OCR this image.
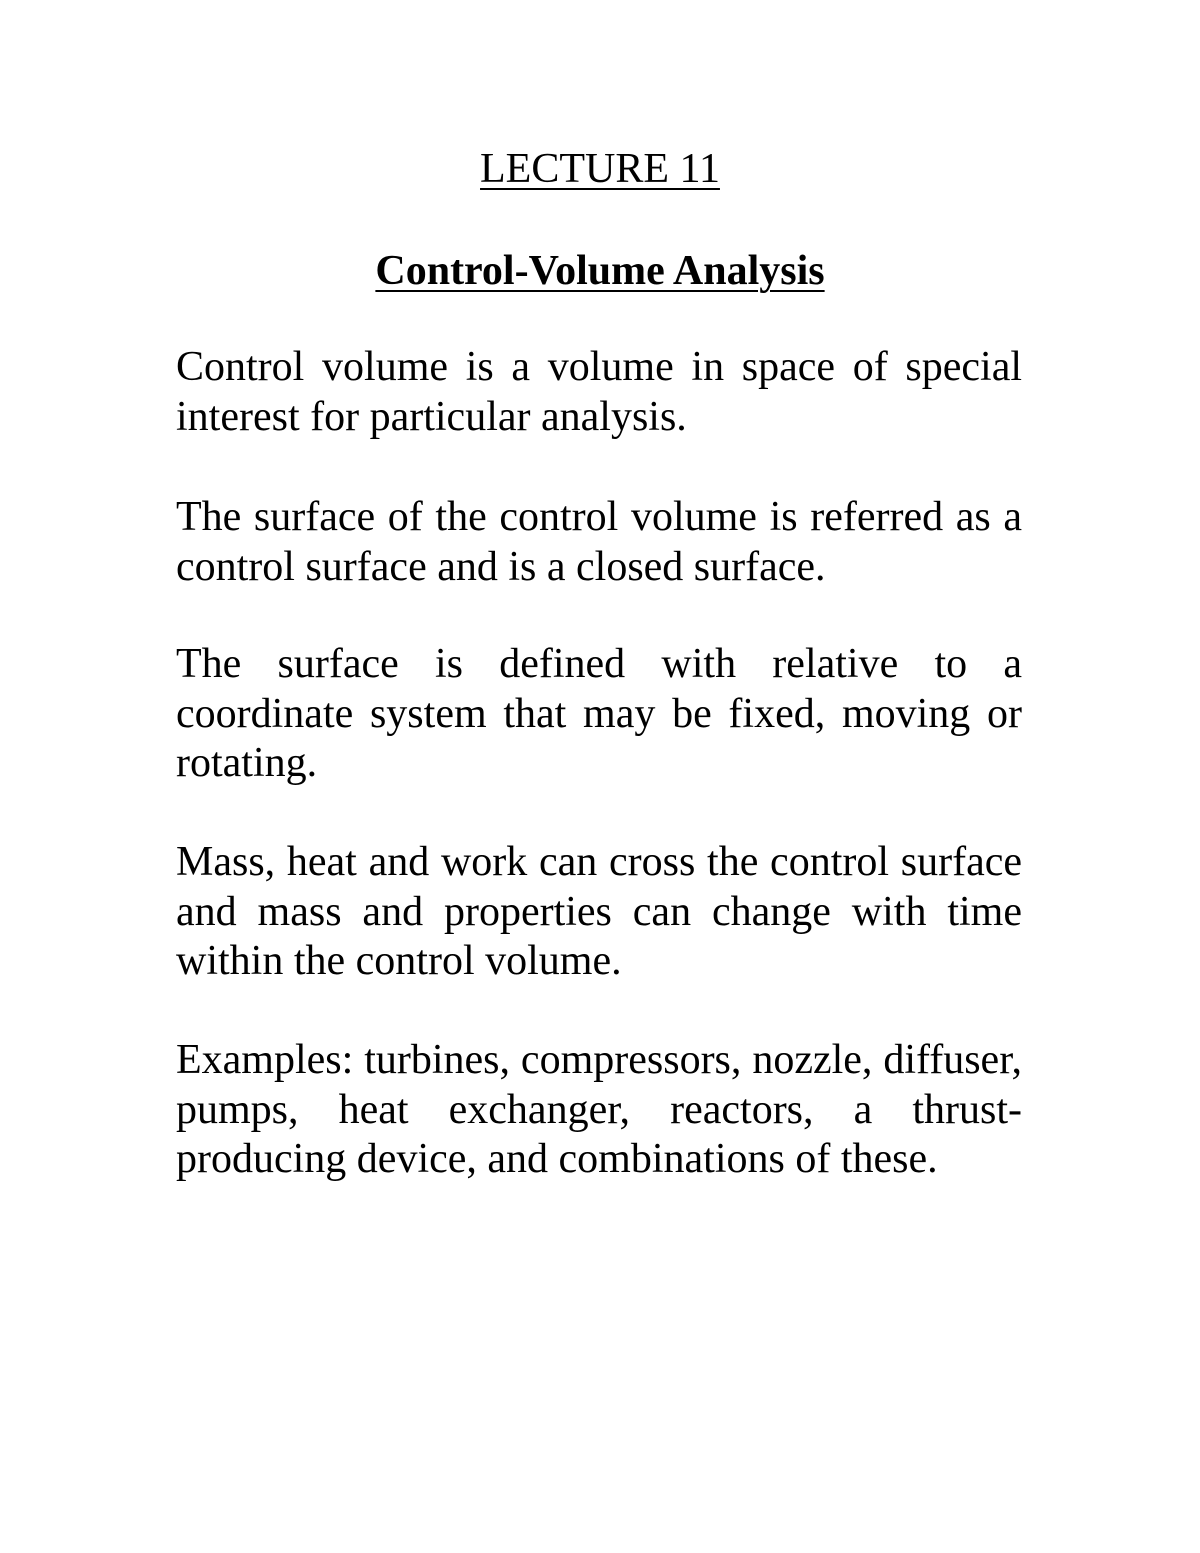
LECTURE 11
Control-Volume Analysis

Control volume is a volume in space of special interest for particular analysis.

The surface of the control volume is referred as a control surface and is a closed surface.

The surface is defined with relative to a coordinate system that may be fixed, moving or rotating.

Mass, heat and work can cross the control surface and mass and properties can change with time within the control volume.

Examples: turbines, compressors, nozzle, diffuser, pumps, heat exchanger, reactors, a thrust-producing device, and combinations of these.
